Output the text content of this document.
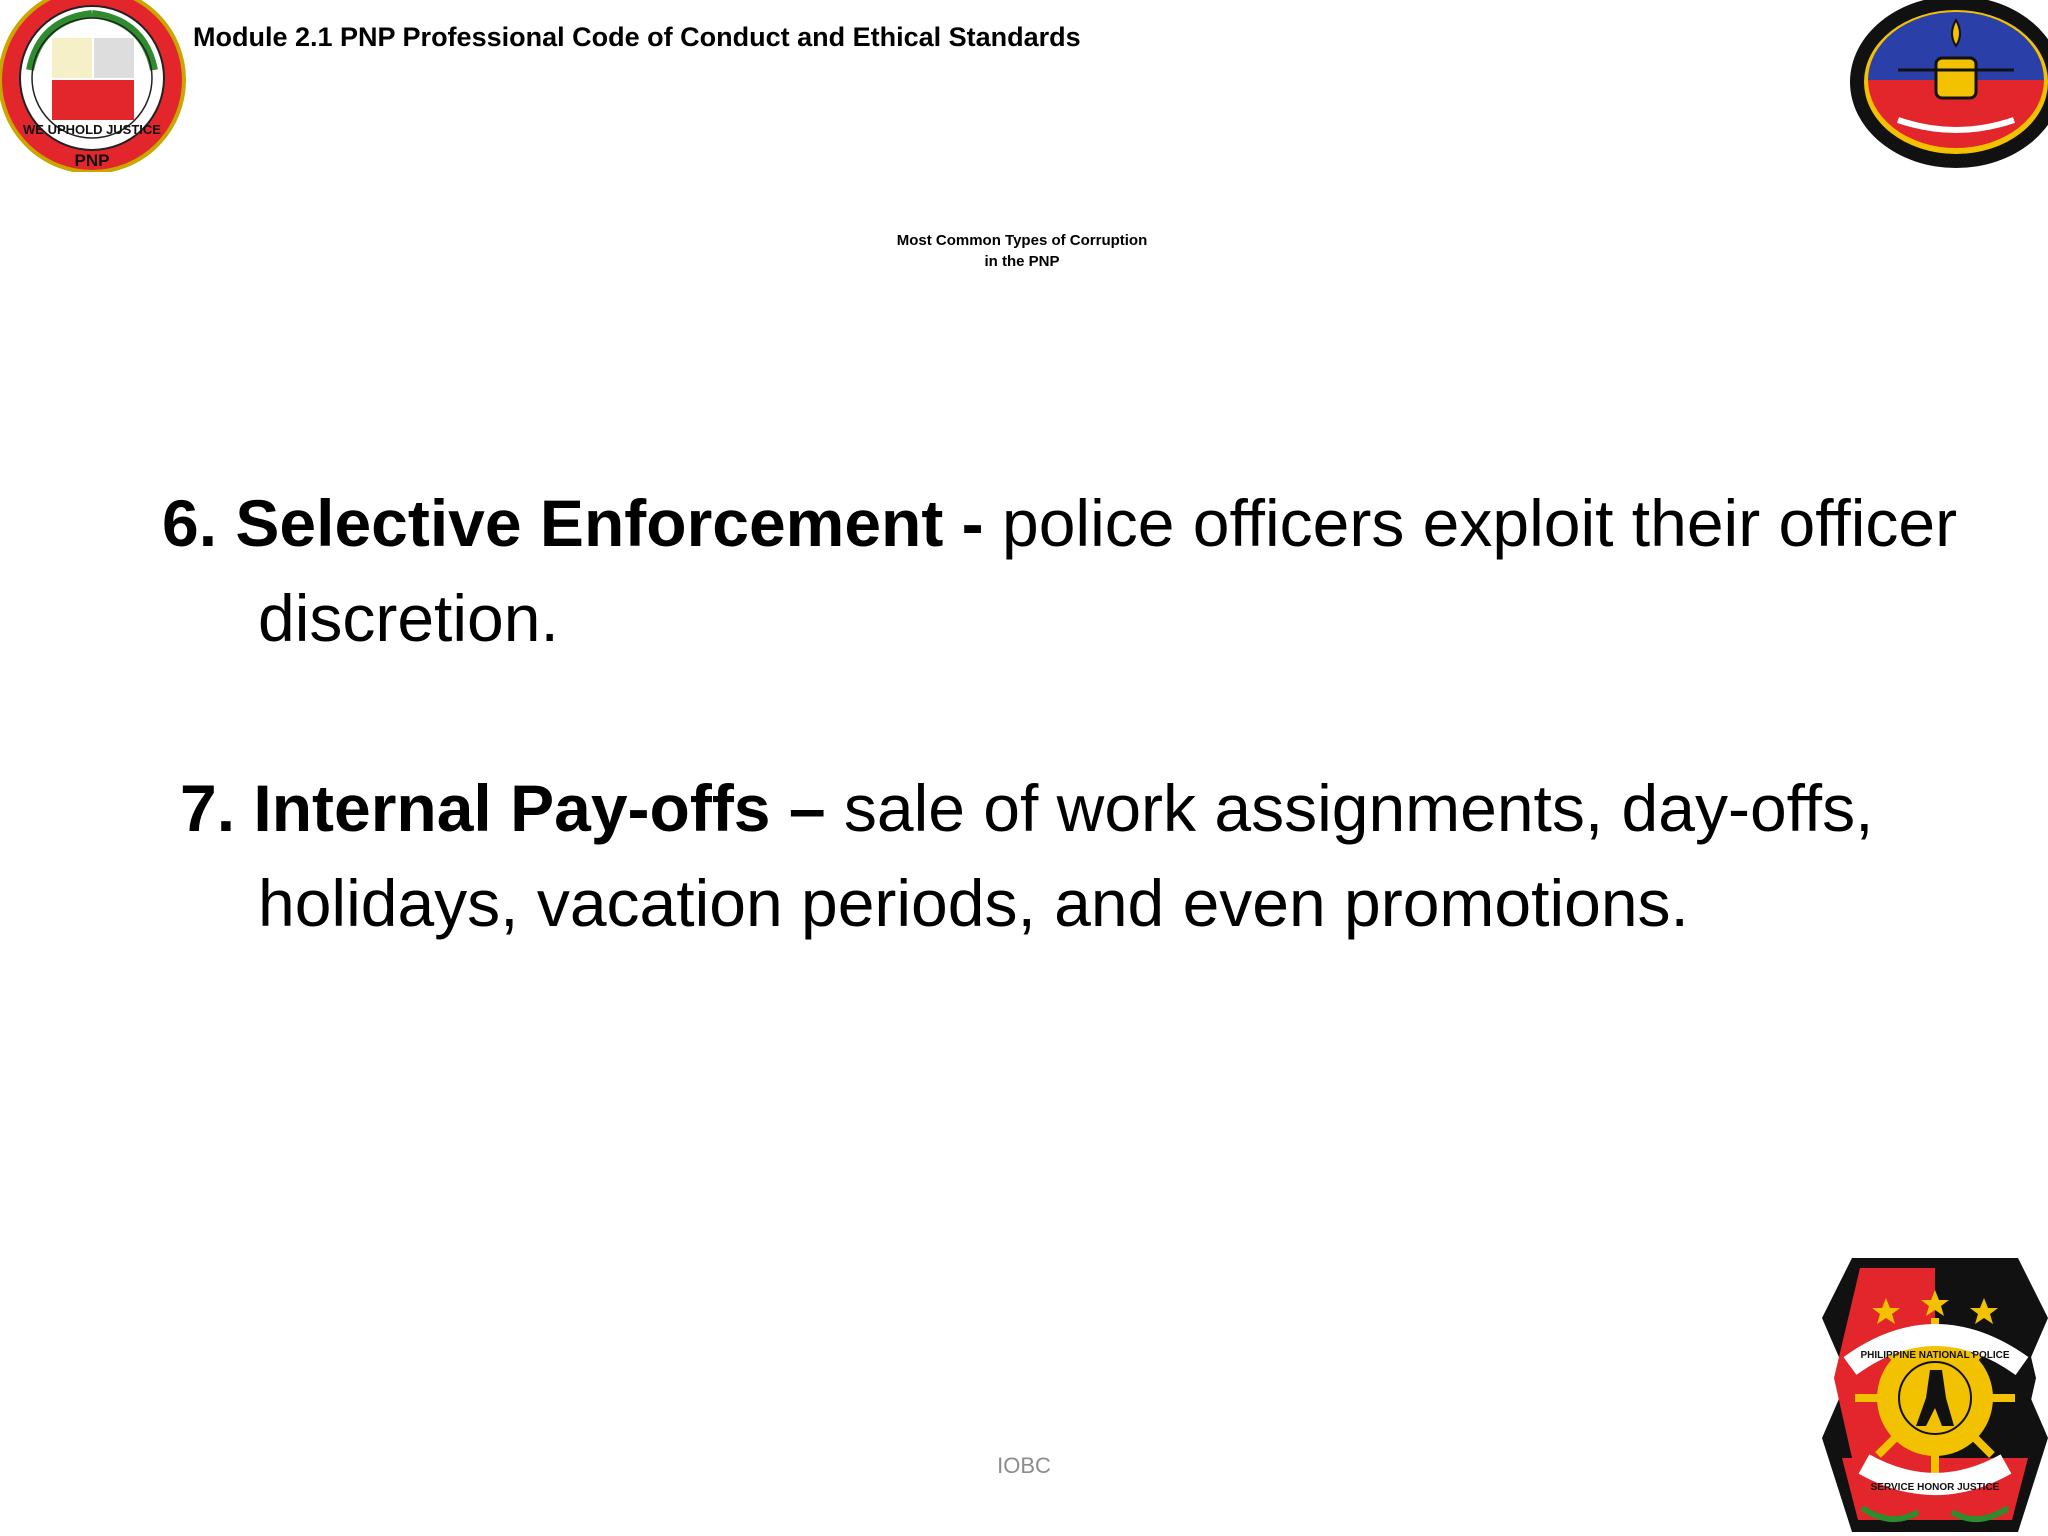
PNP
WE UPHOLD JUSTICE
Module 2.1 PNP Professional Code of Conduct and Ethical Standards
Most Common Types of Corruption
in the PNP
6. Selective Enforcement - police officers exploit their officer discretion.
7. Internal Pay-offs – sale of work assignments, day-offs, holidays, vacation periods, and even promotions.
IOBC
PHILIPPINE NATIONAL POLICE
SERVICE HONOR JUSTICE
